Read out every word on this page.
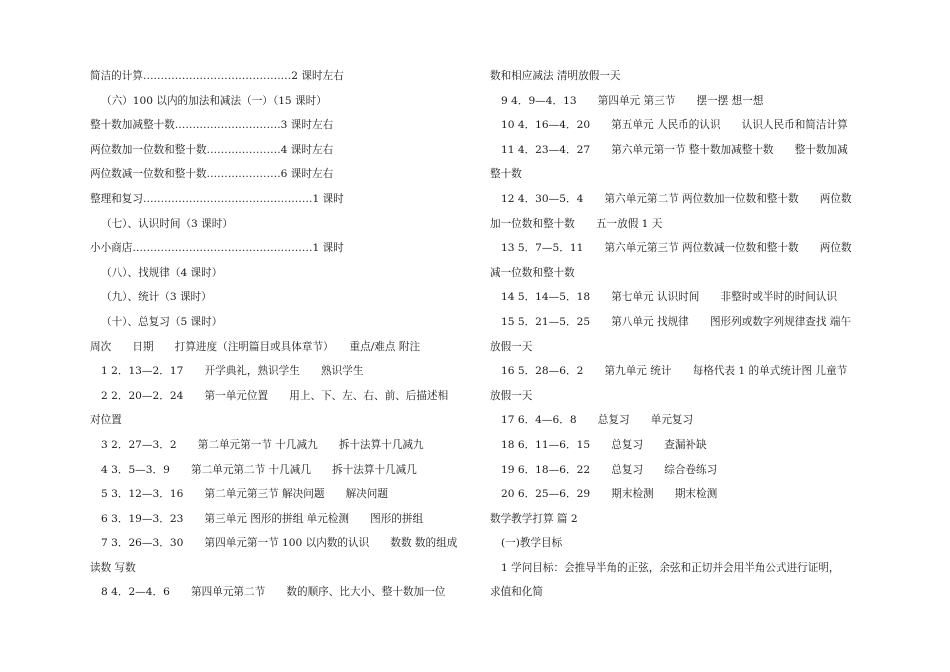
简洁的计算……………………………………2 课时左右
（六）100 以内的加法和减法（一）（15 课时）
整十数加减整十数…………………………3 课时左右
两位数加一位数和整十数…………………4 课时左右
两位数减一位数和整十数…………………6 课时左右
整理和复习…………………………………………1 课时
（七）、认识时间（3 课时）
小小商店……………………………………………1 课时
（八）、找规律（4 课时）
（九）、统计（3 课时）
（十）、总复习（5 课时）
周次　　日期　　打算进度（注明篇目或具体章节）　　重点/难点 附注
1 2．13—2．17　　开学典礼，熟识学生　　熟识学生
2 2．20—2．24　　第一单元位置　　用上、下、左、右、前、后描述相
对位置
3 2．27—3．2　　第二单元第一节 十几减九　　拆十法算十几减九
4 3．5—3．9　　第二单元第二节 十几减几　　拆十法算十几减几
5 3．12—3．16　　第二单元第三节 解决问题　　解决问题
6 3．19—3．23　　第三单元 图形的拼组 单元检测　　图形的拼组
7 3．26—3．30　　第四单元第一节 100 以内数的认识　　数数 数的组成
读数 写数
8 4．2—4．6　　第四单元第二节　　数的顺序、比大小、整十数加一位
数和相应减法 清明放假一天
9 4．9—4．13　　第四单元 第三节　　摆一摆 想一想
10 4．16—4．20　　第五单元 人民币的认识　　认识人民币和简洁计算
11 4．23—4．27　　第六单元第一节 整十数加减整十数　　整十数加减
整十数
12 4．30—5．4　　第六单元第二节 两位数加一位数和整十数　　两位数
加一位数和整十数　　五一放假 1 天
13 5．7—5．11　　第六单元第三节 两位数减一位数和整十数　　两位数
减一位数和整十数
14 5．14—5．18　　第七单元 认识时间　　非整时或半时的时间认识
15 5．21—5．25　　第八单元 找规律　　图形列或数字列规律查找 端午
放假一天
16 5．28—6．2　　第九单元 统计　　每格代表 1 的单式统计图 儿童节
放假一天
17 6．4—6．8　　总复习　　单元复习
18 6．11—6．15　　总复习　　查漏补缺
19 6．18—6．22　　总复习　　综合卷练习
20 6．25—6．29　　期末检测　　期末检测
数学教学打算 篇 2
(一)教学目标
1 学问目标：会推导半角的正弦，余弦和正切并会用半角公式进行证明，
求值和化简
